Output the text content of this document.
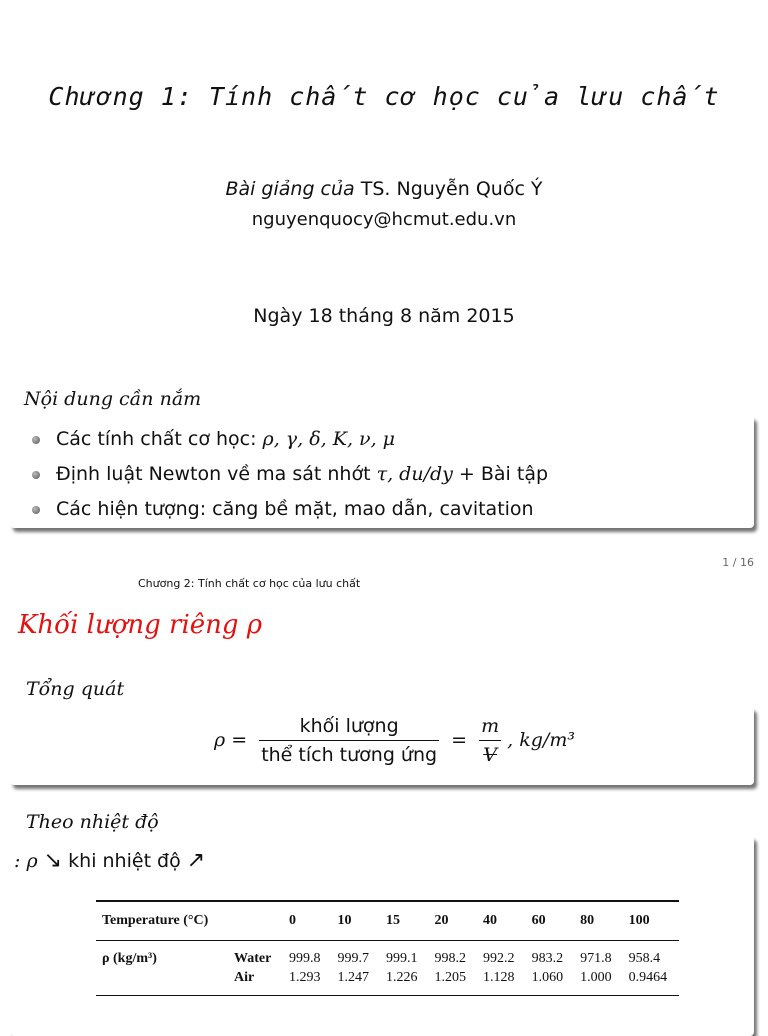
Chương 1: Tính chất cơ học của lưu chất
Bài giảng của TS. Nguyễn Quốc Ý
nguyenquocy@hcmut.edu.vn
Ngày 18 tháng 8 năm 2015
Nội dung cần nắm
Các tính chất cơ học: ρ, γ, δ, K, ν, μ
Định luật Newton về ma sát nhớt τ, du/dy + Bài tập
Các hiện tượng: căng bề mặt, mao dẫn, cavitation
1 / 16
Chương 2: Tính chất cơ học của lưu chất
Khối lượng riêng ρ
Tổng quát
$\rho = \frac{\text{khối lượng}}{\text{thể tích tương ứng}} = \frac{m}{V}$ , kg/m³
Theo nhiệt độ
: ρ ↘ khi nhiệt độ ↗
Temperature (°C)		0	10	15	20	40	60	80	100
ρ (kg/m³)	Water	999.8	999.7	999.1	998.2	992.2	983.2	971.8	958.4
	Air	1.293	1.247	1.226	1.205	1.128	1.060	1.000	0.9464
